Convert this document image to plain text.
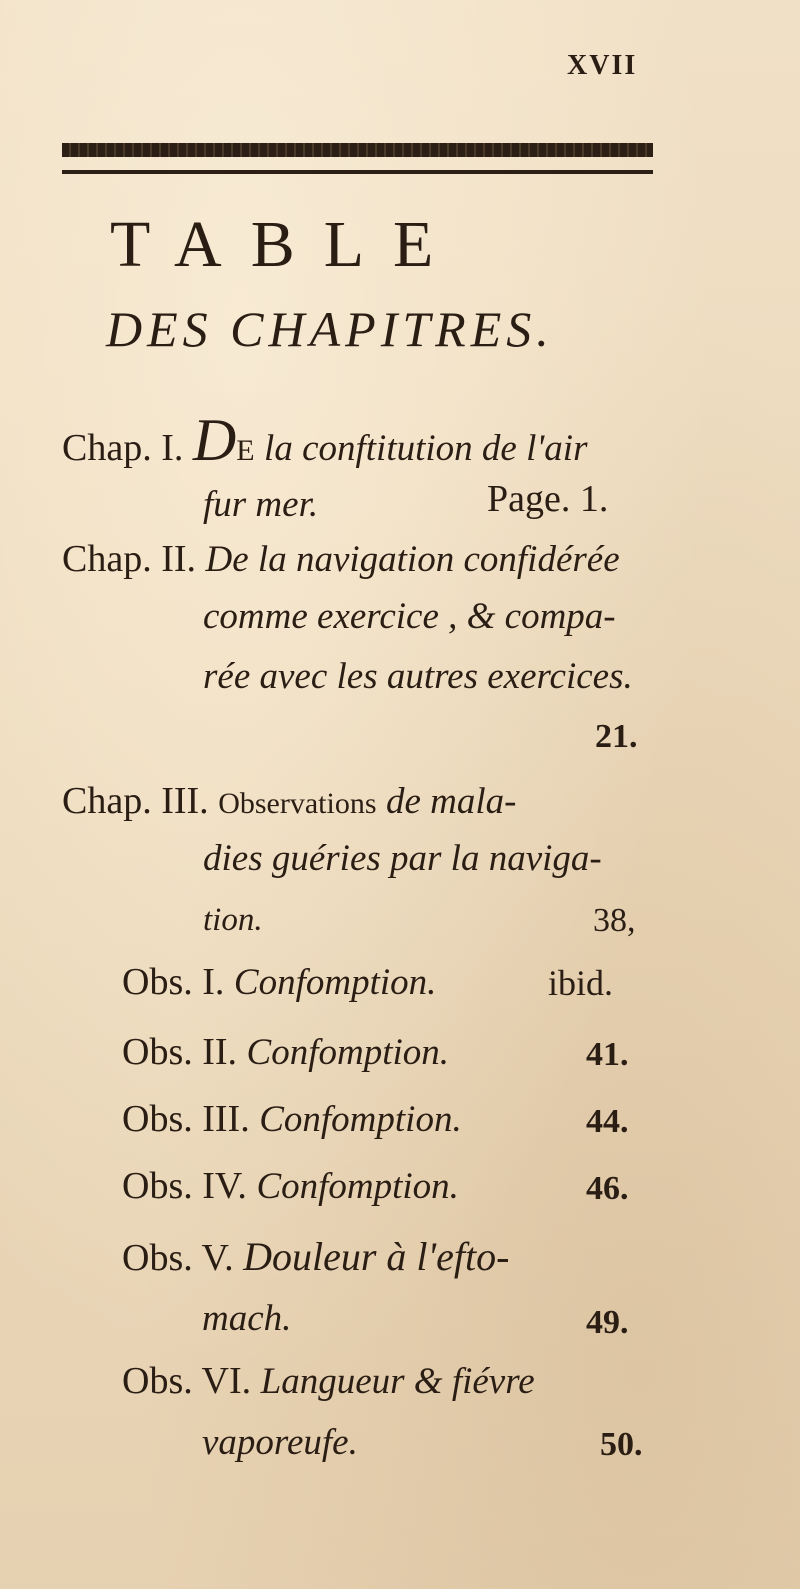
XVII
TABLE
DES CHAPITRES.
Chap. I. DE la conftitution de l'air
fur mer.	Page. 1.
Chap. II. De la navigation confidérée
comme exercice , & compa-
rée avec les autres exercices.
21.
Chap. III. Observations de mala-
dies guéries par la naviga-
tion.	38,
Obs. I. Confomption.	ibid.
Obs. II. Confomption.	41.
Obs. III. Confomption.	44.
Obs. IV. Confomption.	46.
Obs. V. Douleur à l'efto-
mach.	49.
Obs. VI. Langueur & fiévre
vaporeufe.	50.
